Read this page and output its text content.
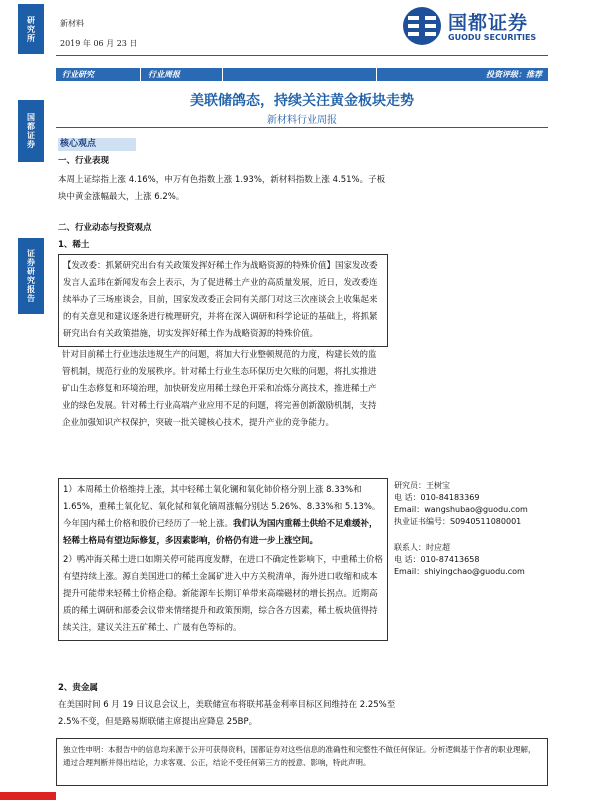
研究所
国都证券
证券研究报告
新材料
2019 年 06 月 23 日
国都证券
GUODU SECURITIES
行业研究	行业周报	投资评级：推荐
美联储鸽态，持续关注黄金板块走势
新材料行业周报
核心观点
一、行业表现
本周上证综指上涨 4.16%，申万有色指数上涨 1.93%，新材料指数上涨 4.51%。子板块中黄金涨幅最大，上涨 6.2%。
二、行业动态与投资观点
1、稀土
【发改委：抓紧研究出台有关政策发挥好稀土作为战略资源的特殊价值】国家发改委发言人孟玮在新闻发布会上表示，为了促进稀土产业的高质量发展，近日，发改委连续举办了三场座谈会，目前，国家发改委正会同有关部门对这三次座谈会上收集起来的有关意见和建议逐条进行梳理研究，并将在深入调研和科学论证的基础上，将抓紧研究出台有关政策措施，切实发挥好稀土作为战略资源的特殊价值。
针对目前稀土行业违法违规生产的问题，将加大行业整顿规范的力度，构建长效的监管机制，规范行业的发展秩序。针对稀土行业生态环保历史欠账的问题，将扎实推进矿山生态修复和环境治理，加快研发应用稀土绿色开采和冶炼分离技术，推进稀土产业的绿色发展。针对稀土行业高端产业应用不足的问题，将完善创新激励机制，支持企业加强知识产权保护，突破一批关键核心技术，提升产业的竞争能力。
1）本周稀土价格维持上涨，其中轻稀土氧化镧和氧化铈价格分别上涨 8.33%和 1.65%，重稀土氧化钇、氧化铽和氧化镝周涨幅分别达 5.26%、8.33%和 5.13%。今年国内稀土价格和股价已经历了一轮上涨。我们认为国内重稀土供给不足难缓补，轻稀土格局有望边际修复，多因素影响，价格仍有进一步上涨空间。
2）鸭冲海关稀土进口如期关停可能再度发酵，在进口不确定性影响下，中重稀土价格有望持续上涨。源自美国进口的稀土金属矿进入中方关税清单，海外进口收缩和成本提升可能带来轻稀土价格企稳。新能源车长期订单带来高端磁材的增长拐点。近期高质的稀土调研和部委会议带来情绪提升和政策预期，综合各方因素，稀土板块值得持续关注，建议关注五矿稀土、广晟有色等标的。
研究员：王树宝
电 话：010-84183369
Email：wangshubao@guodu.com
执业证书编号：S0940511080001
联系人：时应超
电 话：010-87413658
Email：shiyingchao@guodu.com
2、贵金属
在美国时间 6 月 19 日议息会议上，美联储宣布将联邦基金利率目标区间维持在 2.25%至 2.5%不变，但是路易斯联储主席提出应降息 25BP。
独立性申明：本报告中的信息均来源于公开可获得资料，国都证券对这些信息的准确性和完整性不做任何保证。分析逻辑基于作者的职业理解，通过合理判断并得出结论，力求客观、公正，结论不受任何第三方的授意、影响，特此声明。
